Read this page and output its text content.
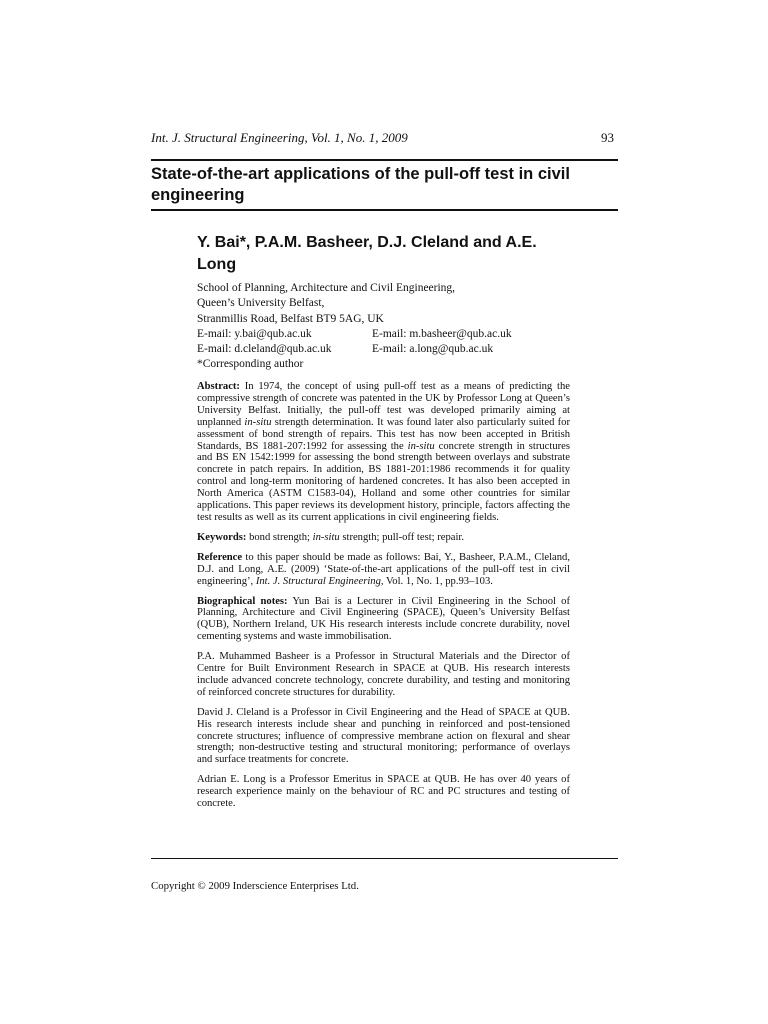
Int. J. Structural Engineering, Vol. 1, No. 1, 2009	93
State-of-the-art applications of the pull-off test in civil engineering
Y. Bai*, P.A.M. Basheer, D.J. Cleland and A.E. Long
School of Planning, Architecture and Civil Engineering,
Queen’s University Belfast,
Stranmillis Road, Belfast BT9 5AG, UK
E-mail: y.bai@qub.ac.uk	E-mail: m.basheer@qub.ac.uk
E-mail: d.cleland@qub.ac.uk	E-mail: a.long@qub.ac.uk
*Corresponding author

Abstract: In 1974, the concept of using pull-off test as a means of predicting the compressive strength of concrete was patented in the UK by Professor Long at Queen’s University Belfast. Initially, the pull-off test was developed primarily aiming at unplanned in-situ strength determination. It was found later also particularly suited for assessment of bond strength of repairs. This test has now been accepted in British Standards, BS 1881-207:1992 for assessing the in-situ concrete strength in structures and BS EN 1542:1999 for assessing the bond strength between overlays and substrate concrete in patch repairs. In addition, BS 1881-201:1986 recommends it for quality control and long-term monitoring of hardened concretes. It has also been accepted in North America (ASTM C1583-04), Holland and some other countries for similar applications. This paper reviews its development history, principle, factors affecting the test results as well as its current applications in civil engineering fields.

Keywords: bond strength; in-situ strength; pull-off test; repair.

Reference to this paper should be made as follows: Bai, Y., Basheer, P.A.M., Cleland, D.J. and Long, A.E. (2009) ‘State-of-the-art applications of the pull-off test in civil engineering’, Int. J. Structural Engineering, Vol. 1, No. 1, pp.93–103.

Biographical notes: Yun Bai is a Lecturer in Civil Engineering in the School of Planning, Architecture and Civil Engineering (SPACE), Queen’s University Belfast (QUB), Northern Ireland, UK His research interests include concrete durability, novel cementing systems and waste immobilisation.

P.A. Muhammed Basheer is a Professor in Structural Materials and the Director of Centre for Built Environment Research in SPACE at QUB. His research interests include advanced concrete technology, concrete durability, and testing and monitoring of reinforced concrete structures for durability.

David J. Cleland is a Professor in Civil Engineering and the Head of SPACE at QUB. His research interests include shear and punching in reinforced and post-tensioned concrete structures; influence of compressive membrane action on flexural and shear strength; non-destructive testing and structural monitoring; performance of overlays and surface treatments for concrete.

Adrian E. Long is a Professor Emeritus in SPACE at QUB. He has over 40 years of research experience mainly on the behaviour of RC and PC structures and testing of concrete.

Copyright © 2009 Inderscience Enterprises Ltd.
